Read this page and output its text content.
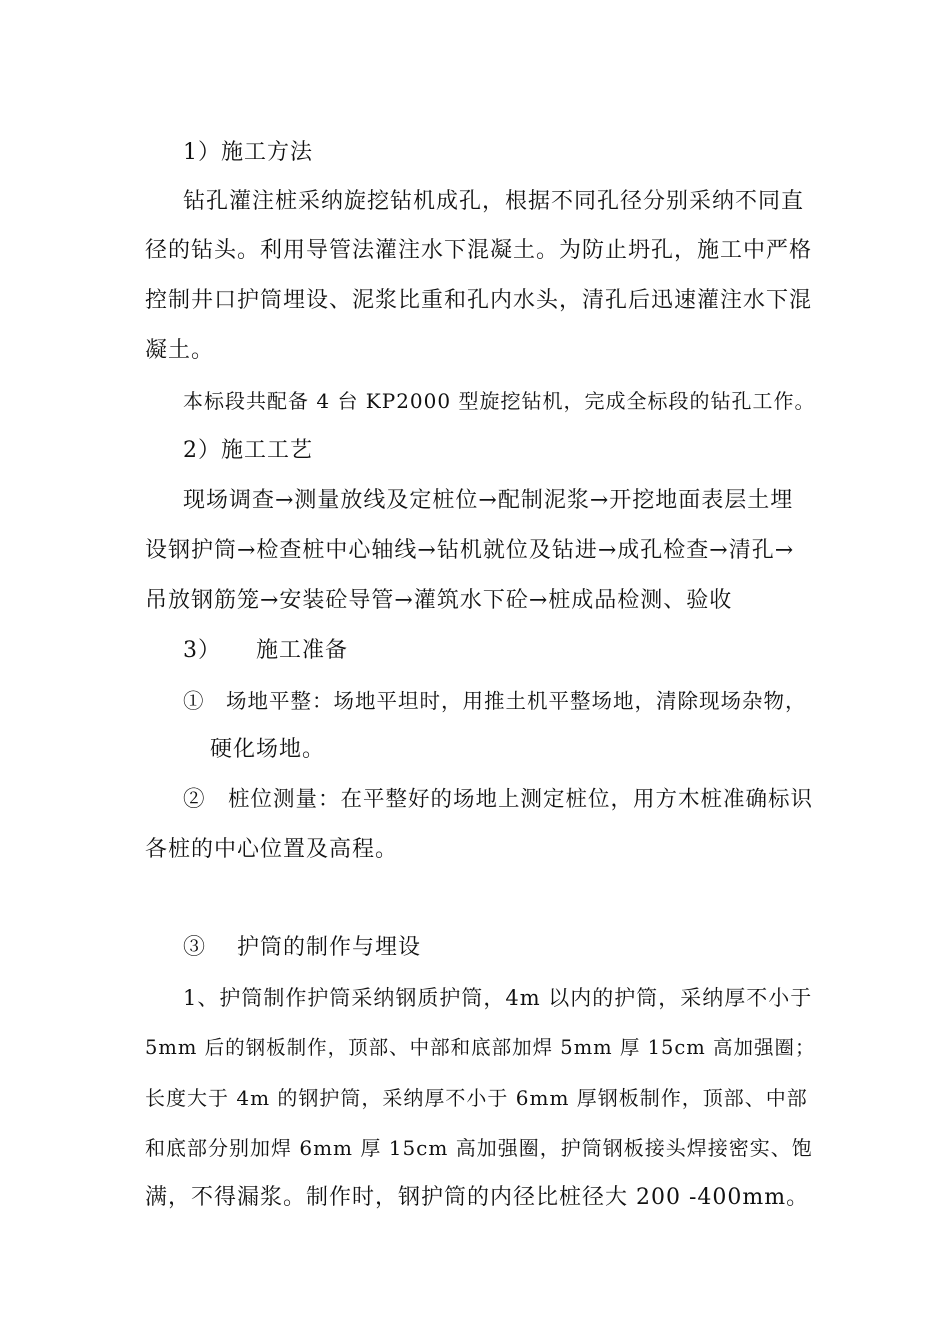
1）施工方法
钻孔灌注桩采纳旋挖钻机成孔，根据不同孔径分别采纳不同直
径的钻头。利用导管法灌注水下混凝土。为防止坍孔，施工中严格
控制井口护筒埋设、泥浆比重和孔内水头，清孔后迅速灌注水下混
凝土。
本标段共配备 4 台 KP2000 型旋挖钻机，完成全标段的钻孔工作。
2）施工工艺
现场调查→测量放线及定桩位→配制泥浆→开挖地面表层土埋
设钢护筒→检查桩中心轴线→钻机就位及钻进→成孔检查→清孔→
吊放钢筋笼→安装砼导管→灌筑水下砼→桩成品检测、验收
3）　　施工准备
①　场地平整：场地平坦时，用推土机平整场地，清除现场杂物，
硬化场地。
②　桩位测量：在平整好的场地上测定桩位，用方木桩准确标识
各桩的中心位置及高程。
③　 护筒的制作与埋设
1、护筒制作护筒采纳钢质护筒，4m 以内的护筒，采纳厚不小于
5mm 后的钢板制作，顶部、中部和底部加焊 5mm 厚 15cm 高加强圈；
长度大于 4m 的钢护筒，采纳厚不小于 6mm 厚钢板制作，顶部、中部
和底部分别加焊 6mm 厚 15cm 高加强圈，护筒钢板接头焊接密实、饱
满，不得漏浆。制作时，钢护筒的内径比桩径大 200 -400mm。
